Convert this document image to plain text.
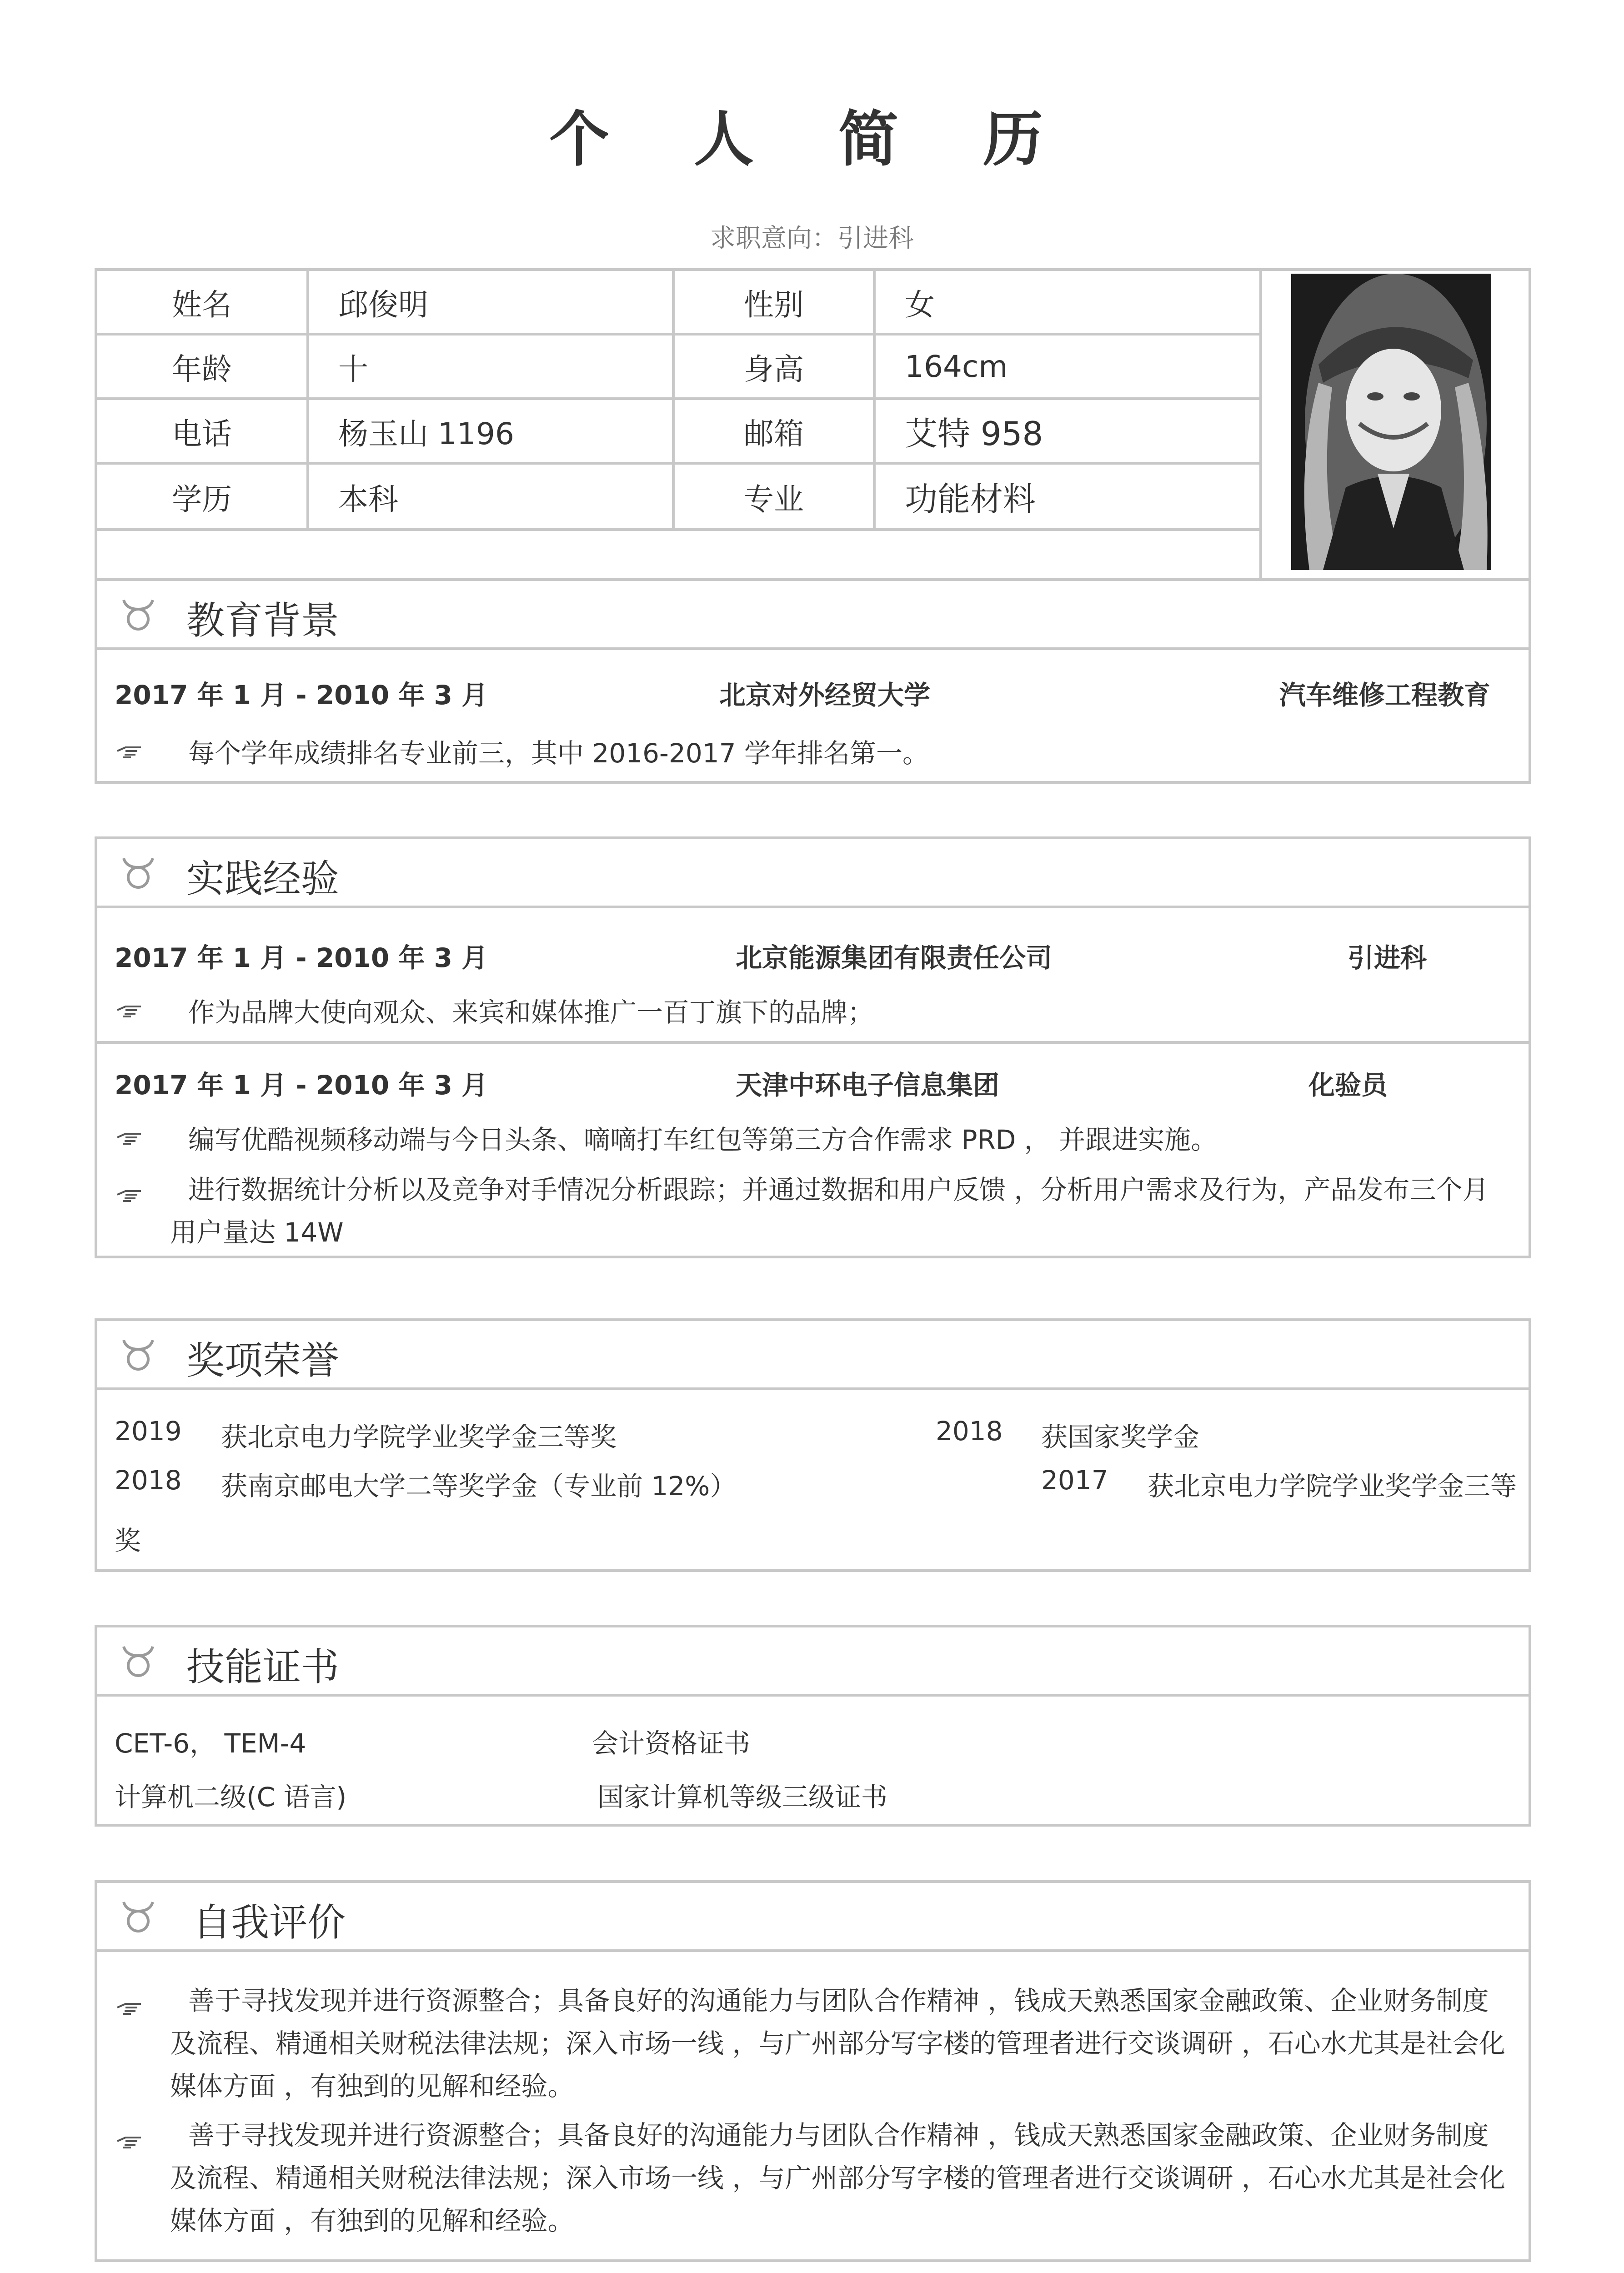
个 人 简 历
求职意向：引进科
姓名	邱俊明	性别	女
年龄	十	身高	164cm
电话	杨玉山 1196	邮箱	艾特 958
学历	本科	专业	功能材料
教育背景
2017 年 1 月 - 2010 年 3 月	北京对外经贸大学	汽车维修工程教育
每个学年成绩排名专业前三，其中 2016-2017 学年排名第一。
实践经验
2017 年 1 月 - 2010 年 3 月	北京能源集团有限责任公司	引进科
作为品牌大使向观众、来宾和媒体推广一百丁旗下的品牌；
2017 年 1 月 - 2010 年 3 月	天津中环电子信息集团	化验员
编写优酷视频移动端与今日头条、嘀嘀打车红包等第三方合作需求 PRD ， 并跟进实施。
进行数据统计分析以及竞争对手情况分析跟踪；并通过数据和用户反馈 ，分析用户需求及行为，产品发布三个月用户量达 14W
奖项荣誉
2019 获北京电力学院学业奖学金三等奖	2018 获国家奖学金
2018 获南京邮电大学二等奖学金（专业前 12%）	2017 获北京电力学院学业奖学金三等
奖
技能证书
CET-6， TEM-4	会计资格证书
计算机二级(C 语言)	国家计算机等级三级证书
自我评价
善于寻找发现并进行资源整合；具备良好的沟通能力与团队合作精神 ，钱成天熟悉国家金融政策、企业财务制度及流程、精通相关财税法律法规；深入市场一线 ，与广州部分写字楼的管理者进行交谈调研 ，石心水尤其是社会化媒体方面 ，有独到的见解和经验。
善于寻找发现并进行资源整合；具备良好的沟通能力与团队合作精神 ，钱成天熟悉国家金融政策、企业财务制度及流程、精通相关财税法律法规；深入市场一线 ，与广州部分写字楼的管理者进行交谈调研 ，石心水尤其是社会化媒体方面 ，有独到的见解和经验。
